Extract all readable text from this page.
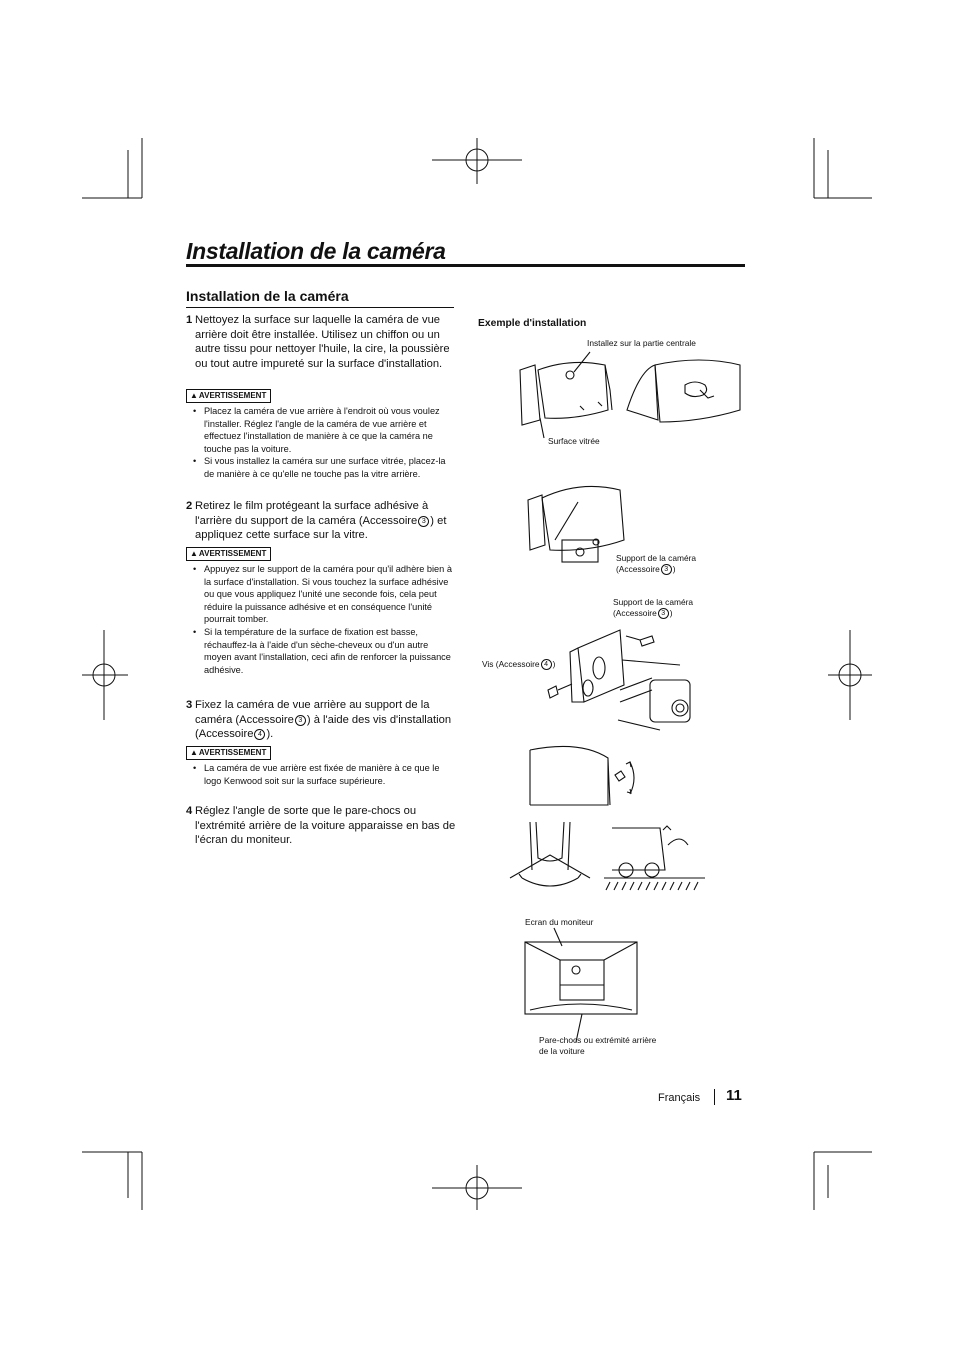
Installation de la caméra
Installation de la caméra
1 Nettoyez la surface sur laquelle la caméra de vue arrière doit être installée. Utilisez un chiffon ou un autre tissu pour nettoyer l'huile, la cire, la poussière ou tout autre impureté sur la surface d'installation.
▲AVERTISSEMENT
• Placez la caméra de vue arrière à l'endroit où vous voulez l'installer. Réglez l'angle de la caméra de vue arrière et effectuez l'installation de manière à ce que la caméra ne touche pas la voiture.
• Si vous installez la caméra sur une surface vitrée, placez-la de manière à ce qu'elle ne touche pas la vitre arrière.
2 Retirez le film protégeant la surface adhésive à l'arrière du support de la caméra (Accessoire 3 ) et appliquez cette surface sur la vitre.
▲AVERTISSEMENT
• Appuyez sur le support de la caméra pour qu'il adhère bien à la surface d'installation. Si vous touchez la surface adhésive ou que vous appliquez l'unité une seconde fois, cela peut réduire la puissance adhésive et en conséquence l'unité pourrait tomber.
• Si la température de la surface de fixation est basse, réchauffez-la à l'aide d'un sèche-cheveux ou d'un autre moyen avant l'installation, ceci afin de renforcer la puissance adhésive.
3 Fixez la caméra de vue arrière au support de la caméra (Accessoire 3 ) à l'aide des vis d'installation (Accessoire 4 ).
▲AVERTISSEMENT
• La caméra de vue arrière est fixée de manière à ce que le logo Kenwood soit sur la surface supérieure.
4 Réglez l'angle de sorte que le pare-chocs ou l'extrémité arrière de la voiture apparaisse en bas de l'écran du moniteur.
Exemple d'installation
Installez sur la partie centrale
Surface vitrée
Support de la caméra
(Accessoire 3 )
Support de la caméra
(Accessoire 3 )
Vis (Accessoire 4 )
Ecran du moniteur
Pare-chocs ou extrémité arrière
de la voiture
Français 11
